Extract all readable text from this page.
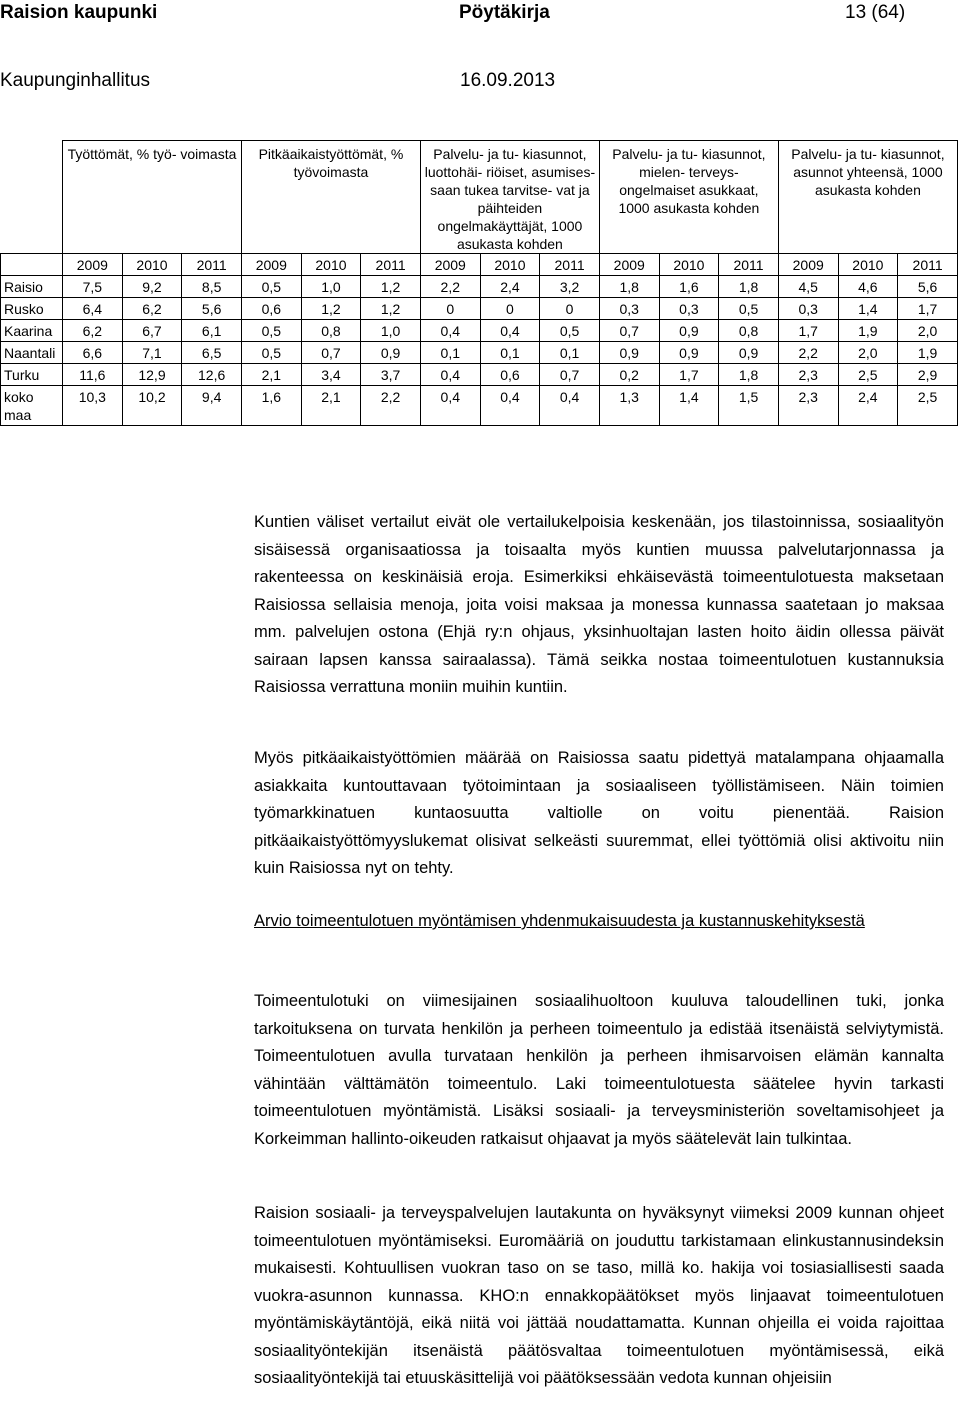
Raision kaupunki	Pöytäkirja	13 (64)
Kaupunginhallitus	16.09.2013
	Työttömät, % työ- voimasta			Pitkäaikaistyöttömät, % työvoimasta			Palvelu- ja tu- kiasunnot, luottohäi- riöiset, asumises- saan tukea tarvitse- vat ja päihteiden ongelmakäyttäjät, 1000 asukasta kohden			Palvelu- ja tu- kiasunnot, mielen- terveys-ongelmaiset asukkaat, 1000 asukasta kohden			Palvelu- ja tu- kiasunnot, asunnot yhteensä, 1000 asukasta kohden		
	2009	2010	2011	2009	2010	2011	2009	2010	2011	2009	2010	2011	2009	2010	2011
Raisio	7,5	9,2	8,5	0,5	1,0	1,2	2,2	2,4	3,2	1,8	1,6	1,8	4,5	4,6	5,6
Rusko	6,4	6,2	5,6	0,6	1,2	1,2	0	0	0	0,3	0,3	0,5	0,3	1,4	1,7
Kaarina	6,2	6,7	6,1	0,5	0,8	1,0	0,4	0,4	0,5	0,7	0,9	0,8	1,7	1,9	2,0
Naantali	6,6	7,1	6,5	0,5	0,7	0,9	0,1	0,1	0,1	0,9	0,9	0,9	2,2	2,0	1,9
Turku	11,6	12,9	12,6	2,1	3,4	3,7	0,4	0,6	0,7	0,2	1,7	1,8	2,3	2,5	2,9
koko maa	10,3	10,2	9,4	1,6	2,1	2,2	0,4	0,4	0,4	1,3	1,4	1,5	2,3	2,4	2,5

Kuntien väliset vertailut eivät ole vertailukelpoisia keskenään, jos tilastoinnissa, sosiaalityön sisäisessä organisaatiossa ja toisaalta myös kuntien muussa palvelutarjonnassa ja rakenteessa on keskinäisiä eroja. Esimerkiksi ehkäisevästä toimeentulotuesta maksetaan Raisiossa sellaisia menoja, joita voisi maksaa ja monessa kunnassa saatetaan jo maksaa mm. palvelujen ostona (Ehjä ry:n ohjaus, yksinhuoltajan lasten hoito äidin ollessa päivät sairaan lapsen kanssa sairaalassa). Tämä seikka nostaa toimeentulotuen kustannuksia Raisiossa verrattuna moniin muihin kuntiin.

Myös pitkäaikaistyöttömien määrää on Raisiossa saatu pidettyä matalampana ohjaamalla asiakkaita kuntouttavaan työtoimintaan ja sosiaaliseen työllistämiseen. Näin toimien työmarkkinatuen kuntaosuutta valtiolle on voitu pienentää. Raision pitkäaikaistyöttömyyslukemat olisivat selkeästi suuremmat, ellei työttömiä olisi aktivoitu niin kuin Raisiossa nyt on tehty.

Arvio toimeentulotuen myöntämisen yhdenmukaisuudesta ja kustannuskehityksestä

Toimeentulotuki on viimesijainen sosiaalihuoltoon kuuluva taloudellinen tuki, jonka tarkoituksena on turvata henkilön ja perheen toimeentulo ja edistää itsenäistä selviytymistä. Toimeentulotuen avulla turvataan henkilön ja perheen ihmisarvoisen elämän kannalta vähintään välttämätön toimeentulo. Laki toimeentulotuesta säätelee hyvin tarkasti toimeentulotuen myöntämistä. Lisäksi sosiaali- ja terveysministeriön soveltamisohjeet ja Korkeimman hallinto-oikeuden ratkaisut ohjaavat ja myös säätelevät lain tulkintaa.

Raision sosiaali- ja terveyspalvelujen lautakunta on hyväksynyt viimeksi 2009 kunnan ohjeet toimeentulotuen myöntämiseksi. Euromääriä on jouduttu tarkistamaan elinkustannusindeksin mukaisesti. Kohtuullisen vuokran taso on se taso, millä ko. hakija voi tosiasiallisesti saada vuokra-asunnon kunnassa. KHO:n ennakkopäätökset myös linjaavat toimeentulotuen myöntämiskäytäntöjä, eikä niitä voi jättää noudattamatta. Kunnan ohjeilla ei voida rajoittaa sosiaalityöntekijän itsenäistä päätösvaltaa toimeentulotuen myöntämisessä, eikä sosiaalityöntekijä tai etuuskäsittelijä voi päätöksessään vedota kunnan ohjeisiin
